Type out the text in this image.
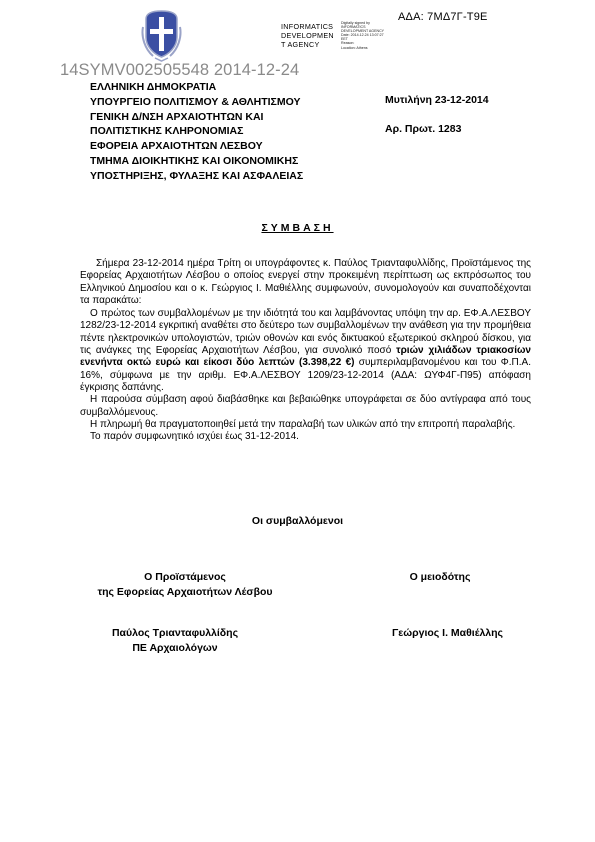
ΑΔΑ: 7ΜΔ7Γ-Τ9Ε
INFORMATICS
DEVELOPMEN
T AGENCY
Digitally signed by
INFORMATICS
DEVELOPMENT AGENCY
Date: 2014.12.24 13:07:27
EET
Reason:
Location: Athens
14SYMV002505548 2014-12-24
ΕΛΛΗΝΙΚΗ ΔΗΜΟΚΡΑΤΙΑ
ΥΠΟΥΡΓΕΙΟ ΠΟΛΙΤΙΣΜΟΥ & ΑΘΛΗΤΙΣΜΟΥ
ΓΕΝΙΚΗ Δ/ΝΣΗ ΑΡΧΑΙΟΤΗΤΩΝ ΚΑΙ
ΠΟΛΙΤΙΣΤΙΚΗΣ ΚΛΗΡΟΝΟΜΙΑΣ
ΕΦΟΡΕΙΑ ΑΡΧΑΙΟΤΗΤΩΝ ΛΕΣΒΟΥ
ΤΜΗΜΑ ΔΙΟΙΚΗΤΙΚΗΣ ΚΑΙ ΟΙΚΟΝΟΜΙΚΗΣ
ΥΠΟΣΤΗΡΙΞΗΣ, ΦΥΛΑΞΗΣ ΚΑΙ ΑΣΦΑΛΕΙΑΣ
Μυτιλήνη 23-12-2014
Αρ. Πρωτ. 1283
ΣΥΜΒΑΣΗ

Σήμερα 23-12-2014 ημέρα Τρίτη οι υπογράφοντες κ. Παύλος Τριανταφυλλίδης, Προϊστάμενος της Εφορείας Αρχαιοτήτων Λέσβου ο οποίος ενεργεί στην προκειμένη περίπτωση ως εκπρόσωπος του Ελληνικού Δημοσίου και ο κ. Γεώργιος Ι. Μαθιέλλης συμφωνούν, συνομολογούν και συναποδέχονται τα παρακάτω:

Ο πρώτος των συμβαλλομένων με την ιδιότητά του και λαμβάνοντας υπόψη την αρ. ΕΦ.Α.ΛΕΣΒΟΥ 1282/23-12-2014 εγκριτική αναθέτει στο δεύτερο των συμβαλλομένων την ανάθεση για την προμήθεια πέντε ηλεκτρονικών υπολογιστών, τριών οθονών και ενός δικτυακού εξωτερικού σκληρού δίσκου, για τις ανάγκες της Εφορείας Αρχαιοτήτων Λέσβου, για συνολικό ποσό τριών χιλιάδων τριακοσίων ενενήντα οκτώ ευρώ και είκοσι δύο λεπτών (3.398,22 €) συμπεριλαμβανομένου και του Φ.Π.Α. 16%, σύμφωνα με την αριθμ. ΕΦ.Α.ΛΕΣΒΟΥ 1209/23-12-2014 (ΑΔΑ: ΩΥΦ4Γ-Π95) απόφαση έγκρισης δαπάνης.

Η παρούσα σύμβαση αφού διαβάσθηκε και βεβαιώθηκε υπογράφεται σε δύο αντίγραφα από τους συμβαλλόμενους.

Η πληρωμή θα πραγματοποιηθεί μετά την παραλαβή των υλικών από την επιτροπή παραλαβής.

Το παρόν συμφωνητικό ισχύει έως 31-12-2014.

Οι συμβαλλόμενοι
Ο Προϊστάμενος
της Εφορείας Αρχαιοτήτων Λέσβου
Ο μειοδότης
Παύλος Τριανταφυλλίδης
ΠΕ Αρχαιολόγων
Γεώργιος Ι. Μαθιέλλης
